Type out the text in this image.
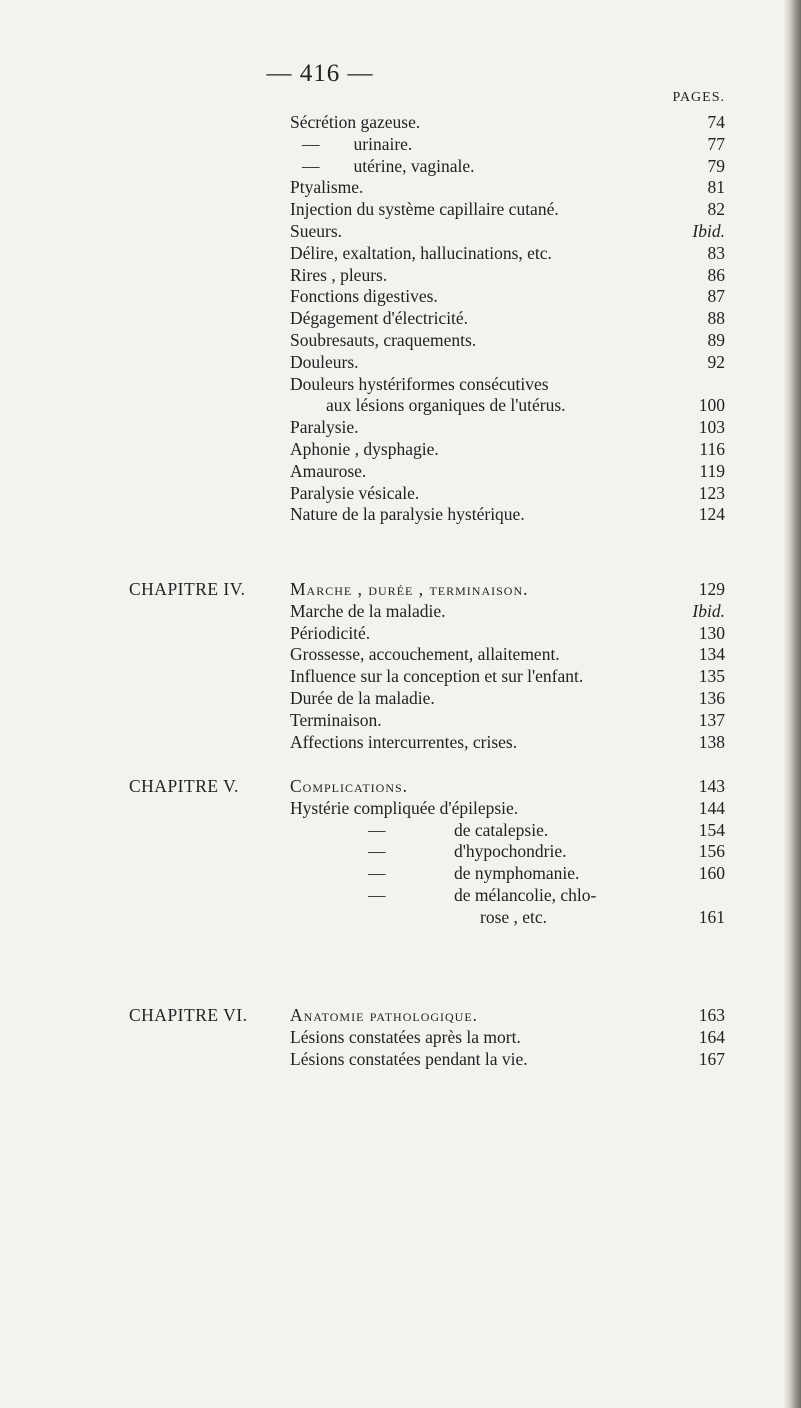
— 416 —
PAGES.
Sécrétion gazeuse.	74
— urinaire.	77
— utérine, vaginale.	79
Ptyalisme.	81
Injection du système capillaire cutané.	82
Sueurs.	Ibid.
Délire, exaltation, hallucinations, etc.	83
Rires , pleurs.	86
Fonctions digestives.	87
Dégagement d'électricité.	88
Soubresauts, craquements.	89
Douleurs.	92
Douleurs hystériformes consécutives
aux lésions organiques de l'utérus.	100
Paralysie.	103
Aphonie , dysphagie.	116
Amaurose.	119
Paralysie vésicale.	123
Nature de la paralysie hystérique.	124
CHAPITRE IV.	Marche , durée , terminaison.	129
Marche de la maladie.	Ibid.
Périodicité.	130
Grossesse, accouchement, allaitement.	134
Influence sur la conception et sur l'enfant.	135
Durée de la maladie.	136
Terminaison.	137
Affections intercurrentes, crises.	138
CHAPITRE V.	Complications.	143
Hystérie compliquée d'épilepsie.	144
—	de catalepsie.	154
—	d'hypochondrie.	156
—	de nymphomanie.	160
—	de mélancolie, chlo-
rose , etc.	161
CHAPITRE VI. Anatomie pathologique.	163
Lésions constatées après la mort.	164
Lésions constatées pendant la vie.	167
